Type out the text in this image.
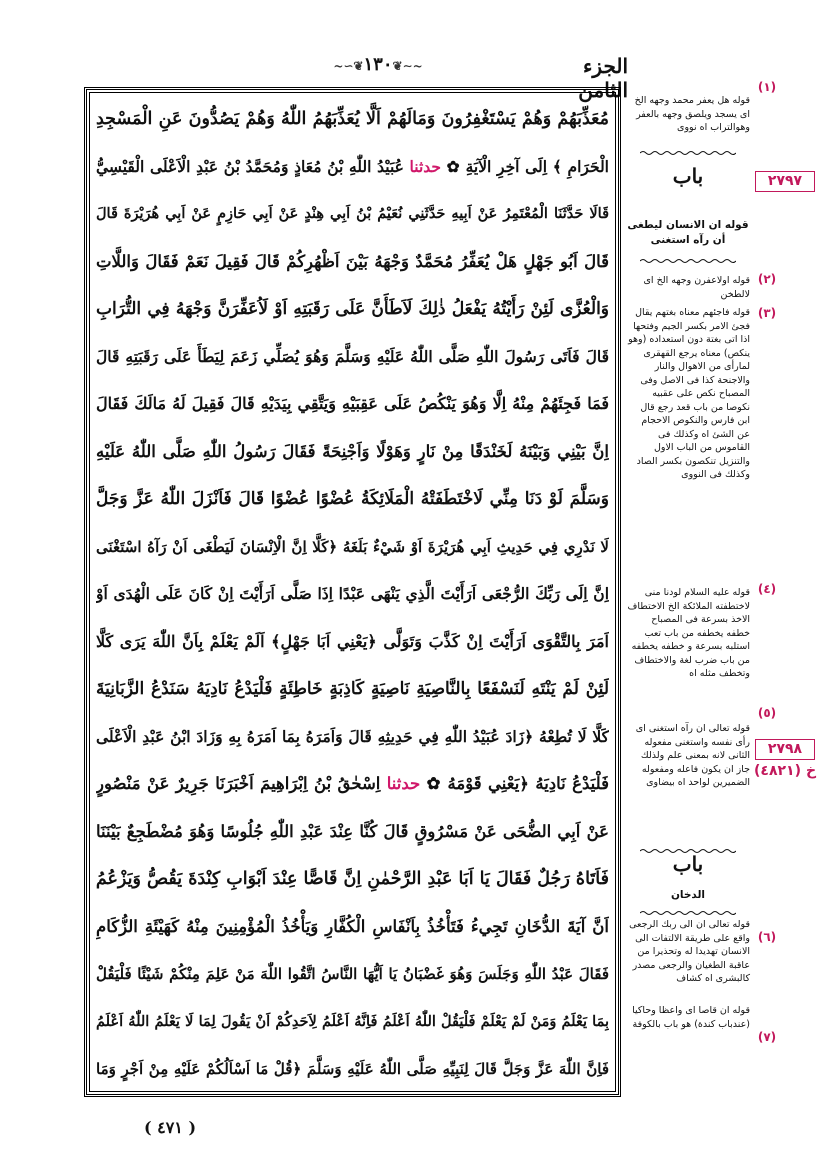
الجزء الثامن
~∽❦١٣٠❦∼~
مُعَذِّبَهُمْ وَهُمْ يَسْتَغْفِرُونَ وَمَالَهُمْ اَلَّا يُعَذِّبَهُمُ اللّٰهُ وَهُمْ يَصُدُّونَ عَنِ الْمَسْجِدِ
الْحَرَامِ ﴾ اِلَى آخِرِ الْآيَةِ ✿ حدثنا عُبَيْدُ اللّٰهِ بْنُ مُعَاذٍ وَمُحَمَّدُ بْنُ عَبْدِ الْاَعْلَى الْقَيْسِيُّ
قَالَا حَدَّثَنَا الْمُعْتَمِرُ عَنْ اَبِيهِ حَدَّثَنِي نُعَيْمُ بْنُ اَبِي هِنْدٍ عَنْ اَبِي حَازِمٍ عَنْ اَبِي هُرَيْرَةَ قَالَ
قَالَ اَبُو جَهْلٍ هَلْ يُعَفِّرُ مُحَمَّدٌ وَجْهَهُ بَيْنَ اَظْهُرِكُمْ قَالَ فَقِيلَ نَعَمْ فَقَالَ وَاللَّاتِ
وَالْعُزَّى لَئِنْ رَأَيْتُهُ يَفْعَلُ ذٰلِكَ لَاَطَأَنَّ عَلَى رَقَبَتِهِ اَوْ لَاُعَفِّرَنَّ وَجْهَهُ فِي التُّرَابِ
قَالَ فَاَتَى رَسُولَ اللّٰهِ صَلَّى اللّٰهُ عَلَيْهِ وَسَلَّمَ وَهُوَ يُصَلِّي زَعَمَ لِيَطَأَ عَلَى رَقَبَتِهِ قَالَ
فَمَا فَجِئَهُمْ مِنْهُ اِلَّا وَهُوَ يَنْكُصُ عَلَى عَقِبَيْهِ وَيَتَّقِي بِيَدَيْهِ قَالَ فَقِيلَ لَهُ مَالَكَ فَقَالَ
اِنَّ بَيْنِي وَبَيْنَهُ لَخَنْدَقًا مِنْ نَارٍ وَهَوْلًا وَاَجْنِحَةً فَقَالَ رَسُولُ اللّٰهِ صَلَّى اللّٰهُ عَلَيْهِ
وَسَلَّمَ لَوْ دَنَا مِنِّي لَاخْتَطَفَتْهُ الْمَلَائِكَةُ عُضْوًا عُضْوًا قَالَ فَاَنْزَلَ اللّٰهُ عَزَّ وَجَلَّ
لَا نَدْرِي فِي حَدِيثِ اَبِي هُرَيْرَةَ اَوْ شَيْءٌ بَلَغَهُ ﴿كَلَّا اِنَّ الْاِنْسَانَ لَيَطْغَى اَنْ رَآهُ اسْتَغْنَى
اِنَّ اِلَى رَبِّكَ الرُّجْعَى اَرَأَيْتَ الَّذِي يَنْهَى عَبْدًا اِذَا صَلَّى اَرَأَيْتَ اِنْ كَانَ عَلَى الْهُدَى اَوْ
اَمَرَ بِالتَّقْوَى اَرَأَيْتَ اِنْ كَذَّبَ وَتَوَلَّى ﴿يَعْنِي اَبَا جَهْلٍ﴾ اَلَمْ يَعْلَمْ بِاَنَّ اللّٰهَ يَرَى كَلَّا
لَئِنْ لَمْ يَنْتَهِ لَنَسْفَعًا بِالنَّاصِيَةِ نَاصِيَةٍ كَاذِبَةٍ خَاطِئَةٍ فَلْيَدْعُ نَادِيَهُ سَنَدْعُ الزَّبَانِيَةَ
كَلَّا لَا تُطِعْهُ ﴿زَادَ عُبَيْدُ اللّٰهِ فِي حَدِيثِهِ قَالَ وَاَمَرَهُ بِمَا اَمَرَهُ بِهِ وَزَادَ ابْنُ عَبْدِ الْاَعْلَى
فَلْيَدْعُ نَادِيَهُ ﴿يَعْنِي قَوْمَهُ ✿ حدثنا اِسْحٰقُ بْنُ اِبْرَاهِيمَ اَخْبَرَنَا جَرِيرٌ عَنْ مَنْصُورٍ
عَنْ اَبِي الضُّحَى عَنْ مَسْرُوقٍ قَالَ كُنَّا عِنْدَ عَبْدِ اللّٰهِ جُلُوسًا وَهُوَ مُضْطَجِعٌ بَيْنَنَا
فَاَتَاهُ رَجُلٌ فَقَالَ يَا اَبَا عَبْدِ الرَّحْمٰنِ اِنَّ قَاصًّا عِنْدَ اَبْوَابِ كِنْدَةَ يَقُصُّ وَيَزْعُمُ
اَنَّ آيَةَ الدُّخَانِ تَجِيءُ فَتَأْخُذُ بِاَنْفَاسِ الْكُفَّارِ وَيَأْخُذُ الْمُؤْمِنِينَ مِنْهُ كَهَيْئَةِ الزُّكَامِ
فَقَالَ عَبْدُ اللّٰهِ وَجَلَسَ وَهُوَ غَضْبَانُ يَا اَيُّهَا النَّاسُ اتَّقُوا اللّٰهَ مَنْ عَلِمَ مِنْكُمْ شَيْئًا فَلْيَقُلْ
بِمَا يَعْلَمُ وَمَنْ لَمْ يَعْلَمْ فَلْيَقُلْ اللّٰهُ اَعْلَمُ فَاِنَّهُ اَعْلَمُ لِاَحَدِكُمْ اَنْ يَقُولَ لِمَا لَا يَعْلَمُ اللّٰهُ اَعْلَمُ
فَاِنَّ اللّٰهَ عَزَّ وَجَلَّ قَالَ لِنَبِيِّهِ صَلَّى اللّٰهُ عَلَيْهِ وَسَلَّمَ ﴿قُلْ مَا اَسْاَلُكُمْ عَلَيْهِ مِنْ اَجْرٍ وَمَا
قوله هل يعفر محمد وجهه الخ اى يسجد ويلصق وجهه بالعفر وهوالتراب اه نووى
باب
قوله ان الانسان ليطغى أن رآه استغنى
قوله اولاعفرن وجهه الخ اى لالطخن
قوله فاجئهم معناه بغتهم يقال فجئ الامر بكسر الجيم وفتحها اذا اتى بغتة دون استعداده (وهو ينكص) معناه يرجع القهقرى لمارأى من الاهوال والنار والاجنحة كذا فى الاصل وفى المصباح نكص على عقبيه نكوصا من باب قعد رجع قال ابن فارس والنكوص الاحجام عن الشئ اه وكذلك فى القاموس من الباب الاول والتنزيل تنكصون بكسر الصاد وكذلك فى النووى
قوله عليه السلام لودنا منى لاختطفته الملائكة الخ الاختطاف الاخذ بسرعة فى المصباح خطفه يخطفه من باب تعب استلبه بسرعة و خطفه يخطفه من باب ضرب لغة والاختطاف وتخطف مثله اه
قوله تعالى ان رآه استغنى اى رأى نفسه واستغنى مفعوله الثانى لانه بمعنى علم ولذلك جاز ان يكون فاعله ومفعوله الضميرين لواحد اه بيضاوى
باب
الدخان
قوله تعالى ان الى ربك الرجعى واقع على طريقة الالتفات الى الانسان تهديدا له وتحذيرا من عاقبة الطغيان والرجعى مصدر كالبشرى اه كشاف
قوله ان قاصا اى واعظا وحاكيا (عندباب كندة) هو باب بالكوفة
(١)
(٢)
(٣)
(٤)
(٥)
(٦)
(٧)
٢٧٩٧
٢٧٩٨
خ
(٤٨٢١)
( ٤٧١ )
